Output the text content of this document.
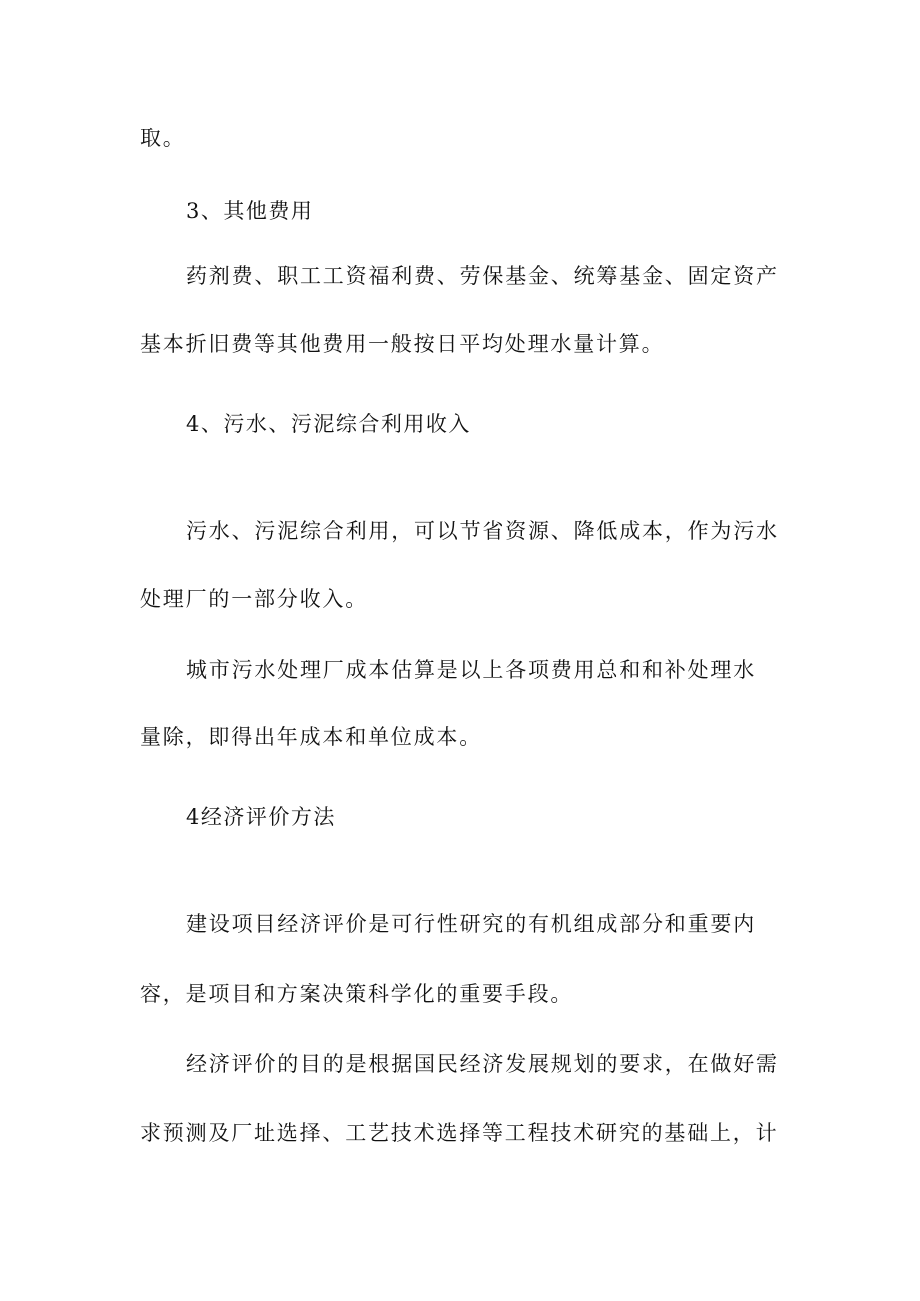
取。
3、其他费用
药剂费、职工工资福利费、劳保基金、统筹基金、固定资产
基本折旧费等其他费用一般按日平均处理水量计算。
4、污水、污泥综合利用收入
污水、污泥综合利用，可以节省资源、降低成本，作为污水
处理厂的一部分收入。
城市污水处理厂成本估算是以上各项费用总和和补处理水
量除，即得出年成本和单位成本。
4经济评价方法
建设项目经济评价是可行性研究的有机组成部分和重要内
容，是项目和方案决策科学化的重要手段。
经济评价的目的是根据国民经济发展规划的要求，在做好需
求预测及厂址选择、工艺技术选择等工程技术研究的基础上，计
